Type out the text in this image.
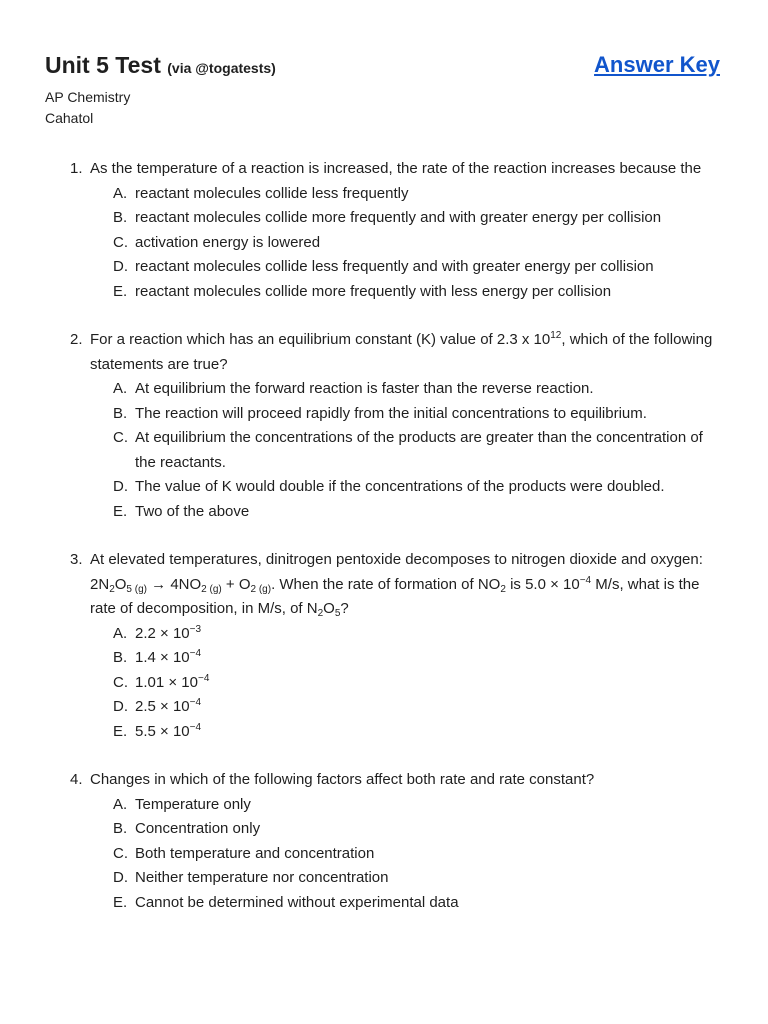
Unit 5 Test (via @togatests)	Answer Key
AP Chemistry
Cahatol
1. As the temperature of a reaction is increased, the rate of the reaction increases because the
A. reactant molecules collide less frequently
B. reactant molecules collide more frequently and with greater energy per collision
C. activation energy is lowered
D. reactant molecules collide less frequently and with greater energy per collision
E. reactant molecules collide more frequently with less energy per collision
2. For a reaction which has an equilibrium constant (K) value of 2.3 x $10^{12}$, which of the following statements are true?
A. At equilibrium the forward reaction is faster than the reverse reaction.
B. The reaction will proceed rapidly from the initial concentrations to equilibrium.
C. At equilibrium the concentrations of the products are greater than the concentration of the reactants.
D. The value of K would double if the concentrations of the products were doubled.
E. Two of the above
3. At elevated temperatures, dinitrogen pentoxide decomposes to nitrogen dioxide and oxygen: $2N_2O_{5 (g)} \to 4NO_{2 (g)} + O_{2 (g)}$. When the rate of formation of $NO_2$ is $5.0 \times 10^{-4}$ M/s, what is the rate of decomposition, in M/s, of $N_2O_5$?
A. $2.2 \times 10^{-3}$
B. $1.4 \times 10^{-4}$
C. $1.01 \times 10^{-4}$
D. $2.5 \times 10^{-4}$
E. $5.5 \times 10^{-4}$
4. Changes in which of the following factors affect both rate and rate constant?
A. Temperature only
B. Concentration only
C. Both temperature and concentration
D. Neither temperature nor concentration
E. Cannot be determined without experimental data
